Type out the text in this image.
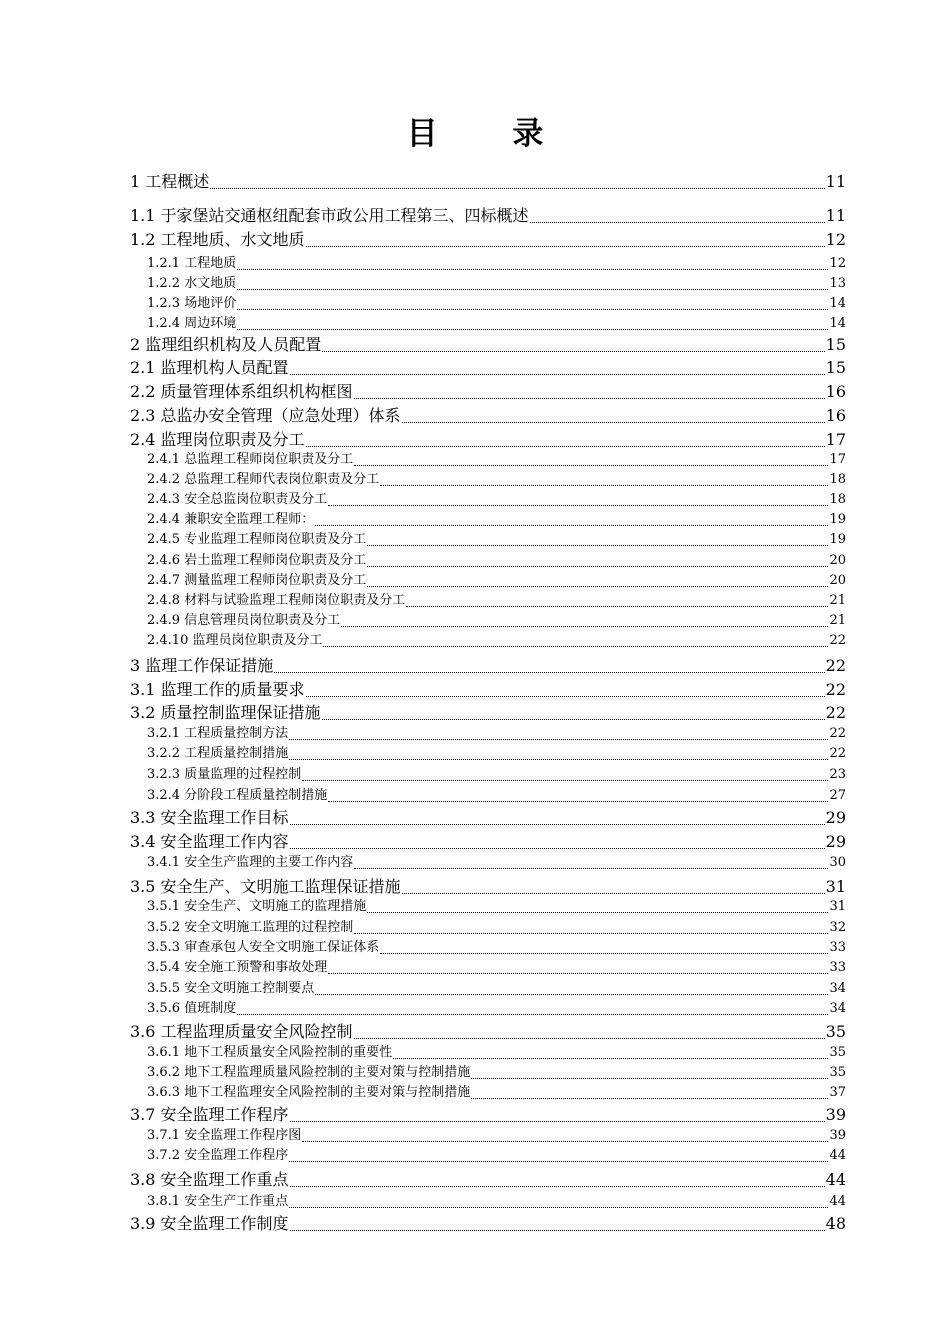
目 录
1 工程概述	11
1.1 于家堡站交通枢纽配套市政公用工程第三、四标概述	11
1.2 工程地质、水文地质	12
1.2.1 工程地质	12
1.2.2 水文地质	13
1.2.3 场地评价	14
1.2.4 周边环境	14
2 监理组织机构及人员配置	15
2.1 监理机构人员配置	15
2.2 质量管理体系组织机构框图	16
2.3 总监办安全管理（应急处理）体系	16
2.4 监理岗位职责及分工	17
2.4.1 总监理工程师岗位职责及分工	17
2.4.2 总监理工程师代表岗位职责及分工	18
2.4.3 安全总监岗位职责及分工	18
2.4.4 兼职安全监理工程师：	19
2.4.5 专业监理工程师岗位职责及分工	19
2.4.6 岩土监理工程师岗位职责及分工	20
2.4.7 测量监理工程师岗位职责及分工	20
2.4.8 材料与试验监理工程师岗位职责及分工	21
2.4.9 信息管理员岗位职责及分工	21
2.4.10 监理员岗位职责及分工	22
3 监理工作保证措施	22
3.1 监理工作的质量要求	22
3.2 质量控制监理保证措施	22
3.2.1 工程质量控制方法	22
3.2.2 工程质量控制措施	22
3.2.3 质量监理的过程控制	23
3.2.4 分阶段工程质量控制措施	27
3.3 安全监理工作目标	29
3.4 安全监理工作内容	29
3.4.1 安全生产监理的主要工作内容	30
3.5 安全生产、文明施工监理保证措施	31
3.5.1 安全生产、文明施工的监理措施	31
3.5.2 安全文明施工监理的过程控制	32
3.5.3 审查承包人安全文明施工保证体系	33
3.5.4 安全施工预警和事故处理	33
3.5.5 安全文明施工控制要点	34
3.5.6 值班制度	34
3.6 工程监理质量安全风险控制	35
3.6.1 地下工程质量安全风险控制的重要性	35
3.6.2 地下工程监理质量风险控制的主要对策与控制措施	35
3.6.3 地下工程监理安全风险控制的主要对策与控制措施	37
3.7 安全监理工作程序	39
3.7.1 安全监理工作程序图	39
3.7.2 安全监理工作程序	44
3.8 安全监理工作重点	44
3.8.1 安全生产工作重点	44
3.9 安全监理工作制度	48
